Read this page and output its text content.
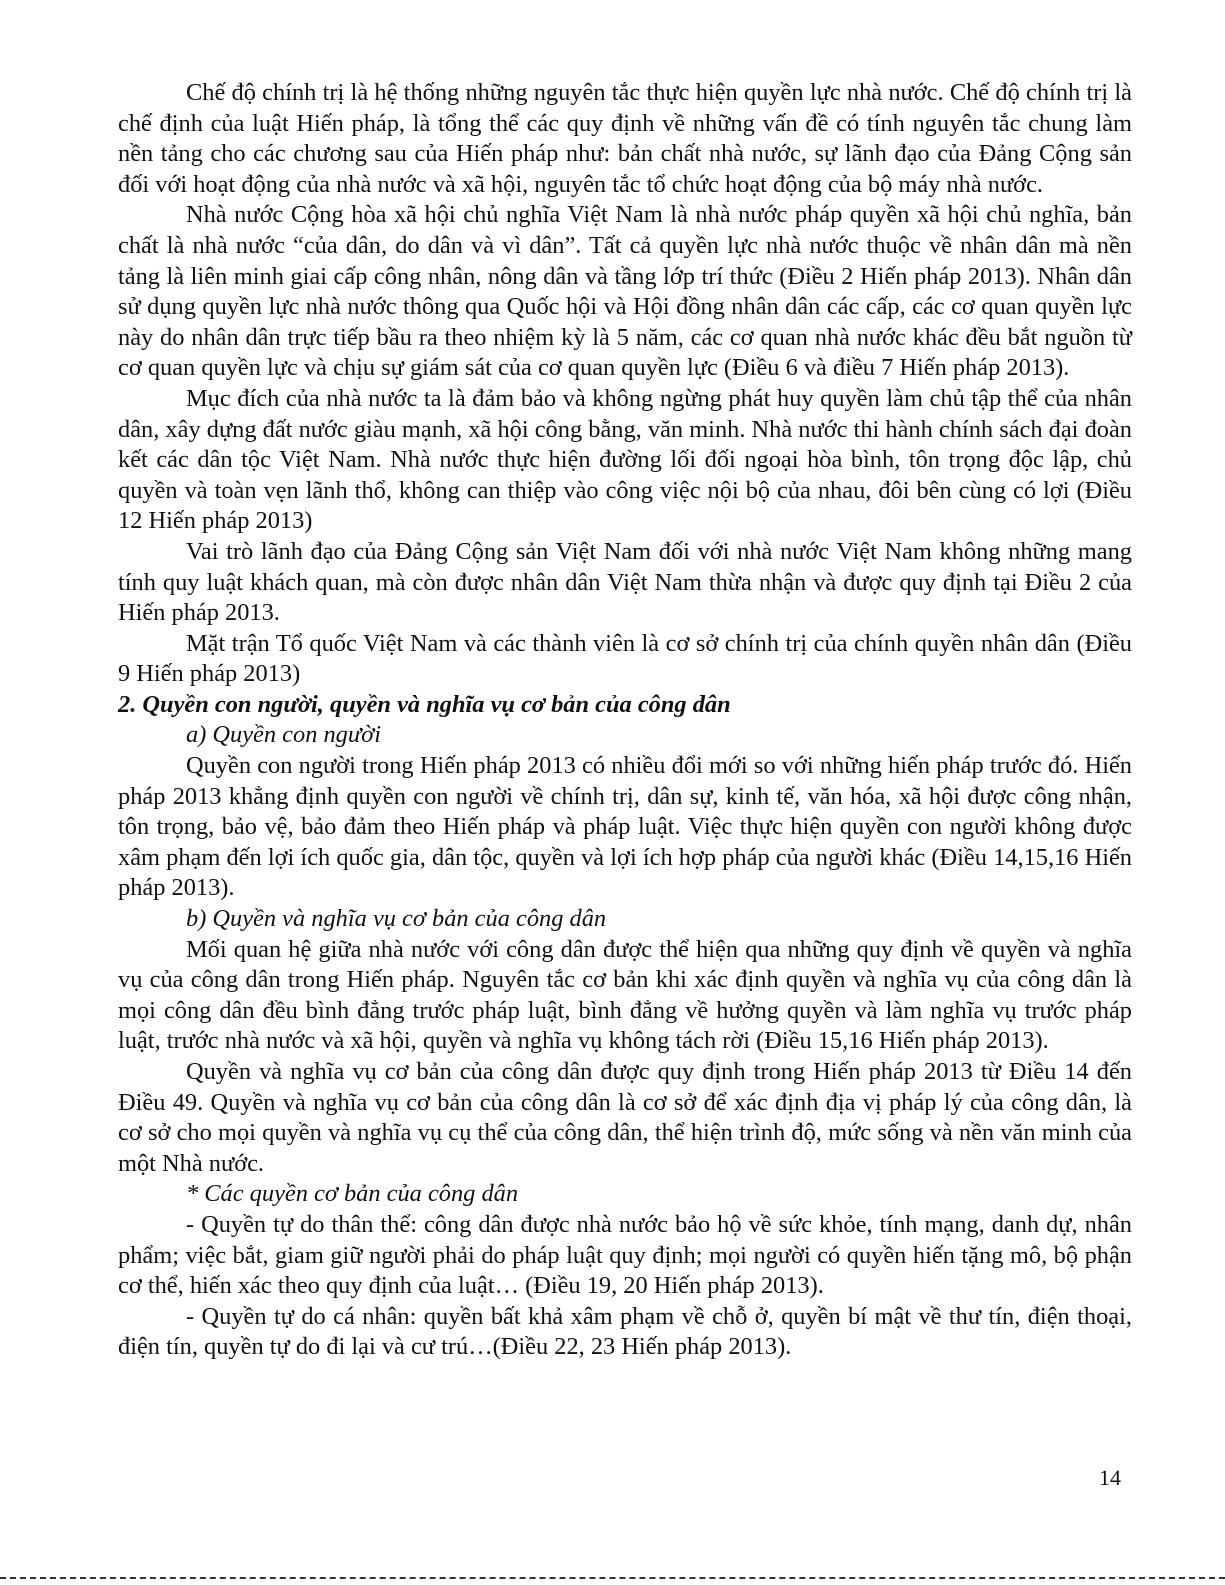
Chế độ chính trị là hệ thống những nguyên tắc thực hiện quyền lực nhà nước. Chế độ chính trị là chế định của luật Hiến pháp, là tổng thể các quy định về những vấn đề có tính nguyên tắc chung làm nền tảng cho các chương sau của Hiến pháp như: bản chất nhà nước, sự lãnh đạo của Đảng Cộng sản đối với hoạt động của nhà nước và xã hội, nguyên tắc tổ chức hoạt động của bộ máy nhà nước.

Nhà nước Cộng hòa xã hội chủ nghĩa Việt Nam là nhà nước pháp quyền xã hội chủ nghĩa, bản chất là nhà nước “của dân, do dân và vì dân”. Tất cả quyền lực nhà nước thuộc về nhân dân mà nền tảng là liên minh giai cấp công nhân, nông dân và tầng lớp trí thức (Điều 2 Hiến pháp 2013). Nhân dân sử dụng quyền lực nhà nước thông qua Quốc hội và Hội đồng nhân dân các cấp, các cơ quan quyền lực này do nhân dân trực tiếp bầu ra theo nhiệm kỳ là 5 năm, các cơ quan nhà nước khác đều bắt nguồn từ cơ quan quyền lực và chịu sự giám sát của cơ quan quyền lực (Điều 6 và điều 7 Hiến pháp 2013).

Mục đích của nhà nước ta là đảm bảo và không ngừng phát huy quyền làm chủ tập thể của nhân dân, xây dựng đất nước giàu mạnh, xã hội công bằng, văn minh. Nhà nước thi hành chính sách đại đoàn kết các dân tộc Việt Nam. Nhà nước thực hiện đường lối đối ngoại hòa bình, tôn trọng độc lập, chủ quyền và toàn vẹn lãnh thổ, không can thiệp vào công việc nội bộ của nhau, đôi bên cùng có lợi (Điều 12 Hiến pháp 2013)

Vai trò lãnh đạo của Đảng Cộng sản Việt Nam đối với nhà nước Việt Nam không những mang tính quy luật khách quan, mà còn được nhân dân Việt Nam thừa nhận và được quy định tại Điều 2 của Hiến pháp 2013.

Mặt trận Tổ quốc Việt Nam và các thành viên là cơ sở chính trị của chính quyền nhân dân (Điều 9 Hiến pháp 2013)

2. Quyền con người, quyền và nghĩa vụ cơ bản của công dân

a) Quyền con người

Quyền con người trong Hiến pháp 2013 có nhiều đổi mới so với những hiến pháp trước đó. Hiến pháp 2013 khẳng định quyền con người về chính trị, dân sự, kinh tế, văn hóa, xã hội được công nhận, tôn trọng, bảo vệ, bảo đảm theo Hiến pháp và pháp luật. Việc thực hiện quyền con người không được xâm phạm đến lợi ích quốc gia, dân tộc, quyền và lợi ích hợp pháp của người khác (Điều 14,15,16 Hiến pháp 2013).

b) Quyền và nghĩa vụ cơ bản của công dân

Mối quan hệ giữa nhà nước với công dân được thể hiện qua những quy định về quyền và nghĩa vụ của công dân trong Hiến pháp. Nguyên tắc cơ bản khi xác định quyền và nghĩa vụ của công dân là mọi công dân đều bình đẳng trước pháp luật, bình đẳng về hưởng quyền và làm nghĩa vụ trước pháp luật, trước nhà nước và xã hội, quyền và nghĩa vụ không tách rời (Điều 15,16 Hiến pháp 2013).

Quyền và nghĩa vụ cơ bản của công dân được quy định trong Hiến pháp 2013 từ Điều 14 đến Điều 49. Quyền và nghĩa vụ cơ bản của công dân là cơ sở để xác định địa vị pháp lý của công dân, là cơ sở cho mọi quyền và nghĩa vụ cụ thể của công dân, thể hiện trình độ, mức sống và nền văn minh của một Nhà nước.

* Các quyền cơ bản của công dân

- Quyền tự do thân thể: công dân được nhà nước bảo hộ về sức khỏe, tính mạng, danh dự, nhân phẩm; việc bắt, giam giữ người phải do pháp luật quy định; mọi người có quyền hiến tặng mô, bộ phận cơ thể, hiến xác theo quy định của luật… (Điều 19, 20 Hiến pháp 2013).

- Quyền tự do cá nhân: quyền bất khả xâm phạm về chỗ ở, quyền bí mật về thư tín, điện thoại, điện tín, quyền tự do đi lại và cư trú…(Điều 22, 23 Hiến pháp 2013).

14
